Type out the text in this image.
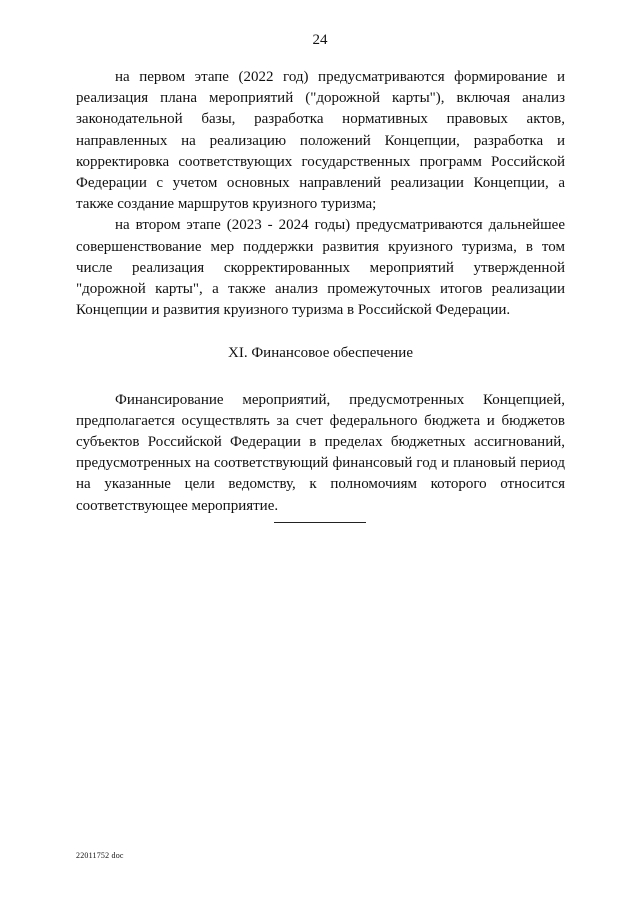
24

на первом этапе (2022 год) предусматриваются формирование и реализация плана мероприятий ("дорожной карты"), включая анализ законодательной базы, разработка нормативных правовых актов, направленных на реализацию положений Концепции, разработка и корректировка соответствующих государственных программ Российской Федерации с учетом основных направлений реализации Концепции, а также создание маршрутов круизного туризма;

на втором этапе (2023 - 2024 годы) предусматриваются дальнейшее совершенствование мер поддержки развития круизного туризма, в том числе реализация скорректированных мероприятий утвержденной "дорожной карты", а также анализ промежуточных итогов реализации Концепции и развития круизного туризма в Российской Федерации.

XI. Финансовое обеспечение

Финансирование мероприятий, предусмотренных Концепцией, предполагается осуществлять за счет федерального бюджета и бюджетов субъектов Российской Федерации в пределах бюджетных ассигнований, предусмотренных на соответствующий финансовый год и плановый период на указанные цели ведомству, к полномочиям которого относится соответствующее мероприятие.

22011752 doc
